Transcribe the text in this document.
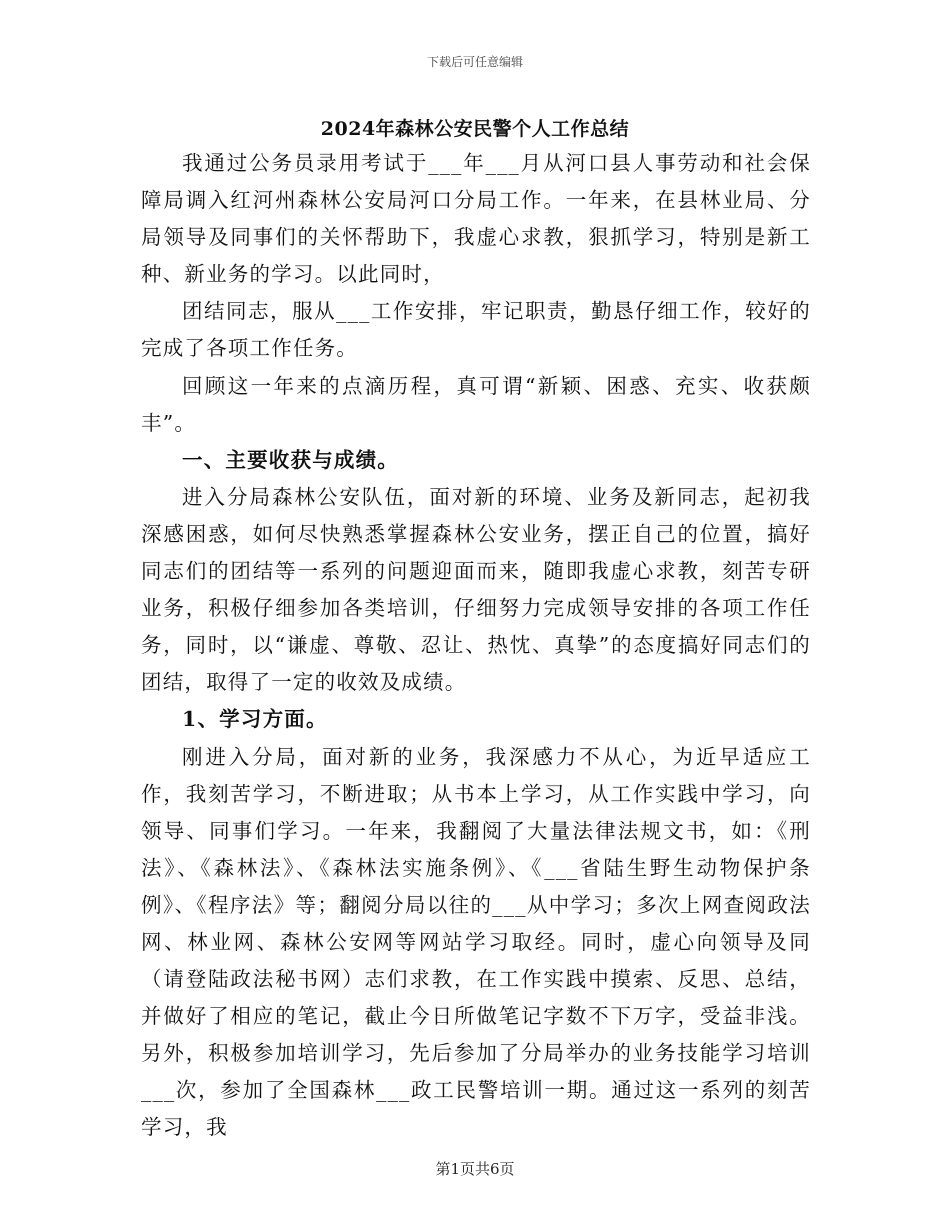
下载后可任意编辑
2024年森林公安民警个人工作总结

我通过公务员录用考试于___年___月从河口县人事劳动和社会保障局调入红河州森林公安局河口分局工作。一年来，在县林业局、分局领导及同事们的关怀帮助下，我虚心求教，狠抓学习，特别是新工种、新业务的学习。以此同时，

团结同志，服从___工作安排，牢记职责，勤恳仔细工作，较好的完成了各项工作任务。

回顾这一年来的点滴历程，真可谓“新颖、困惑、充实、收获颇丰”。

一、主要收获与成绩。

进入分局森林公安队伍，面对新的环境、业务及新同志，起初我深感困惑，如何尽快熟悉掌握森林公安业务，摆正自己的位置，搞好同志们的团结等一系列的问题迎面而来，随即我虚心求教，刻苦专研业务，积极仔细参加各类培训，仔细努力完成领导安排的各项工作任务，同时，以“谦虚、尊敬、忍让、热忱、真挚”的态度搞好同志们的团结，取得了一定的收效及成绩。

1、学习方面。

刚进入分局，面对新的业务，我深感力不从心，为近早适应工作，我刻苦学习，不断进取；从书本上学习，从工作实践中学习，向领导、同事们学习。一年来，我翻阅了大量法律法规文书，如：《刑法》、《森林法》、《森林法实施条例》、《___省陆生野生动物保护条例》、《程序法》等；翻阅分局以往的___从中学习；多次上网查阅政法网、林业网、森林公安网等网站学习取经。同时，虚心向领导及同（请登陆政法秘书网）志们求教，在工作实践中摸索、反思、总结，并做好了相应的笔记，截止今日所做笔记字数不下万字，受益非浅。另外，积极参加培训学习，先后参加了分局举办的业务技能学习培训___次，参加了全国森林___政工民警培训一期。通过这一系列的刻苦学习，我

第1页共6页
